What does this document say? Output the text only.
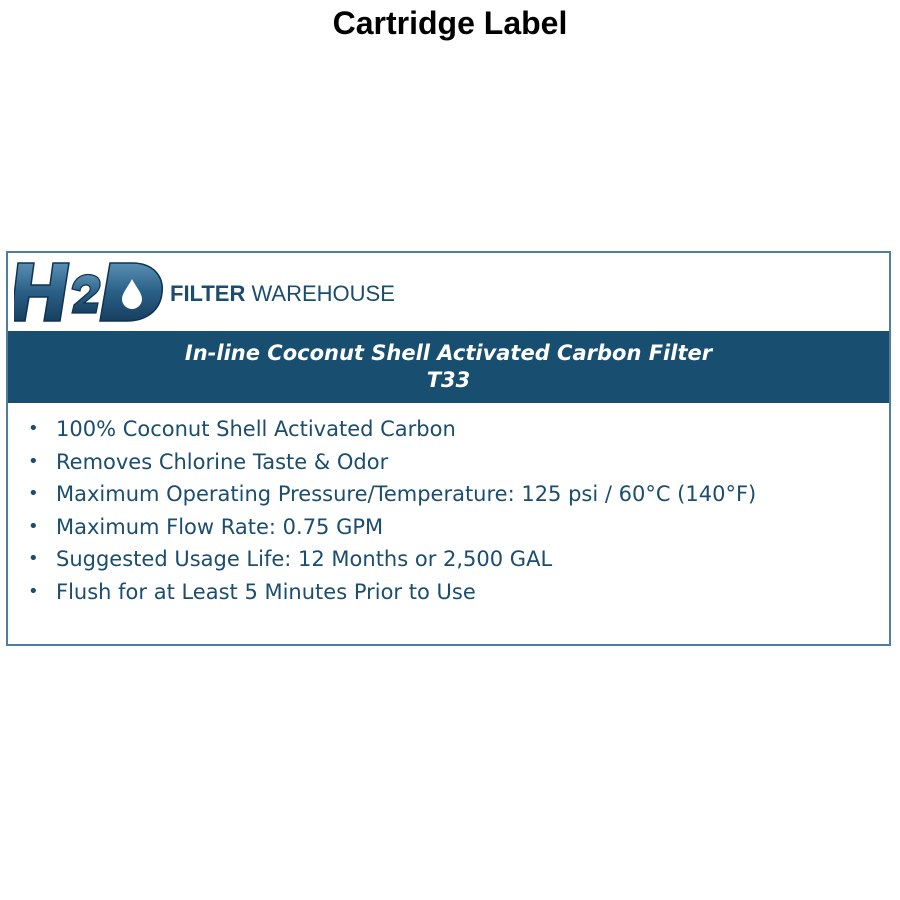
Cartridge Label
H2O
FILTER WAREHOUSE
In-line Coconut Shell Activated Carbon Filter
T33
• 100% Coconut Shell Activated Carbon
• Removes Chlorine Taste & Odor
• Maximum Operating Pressure/Temperature: 125 psi / 60°C (140°F)
• Maximum Flow Rate: 0.75 GPM
• Suggested Usage Life: 12 Months or 2,500 GAL
• Flush for at Least 5 Minutes Prior to Use
